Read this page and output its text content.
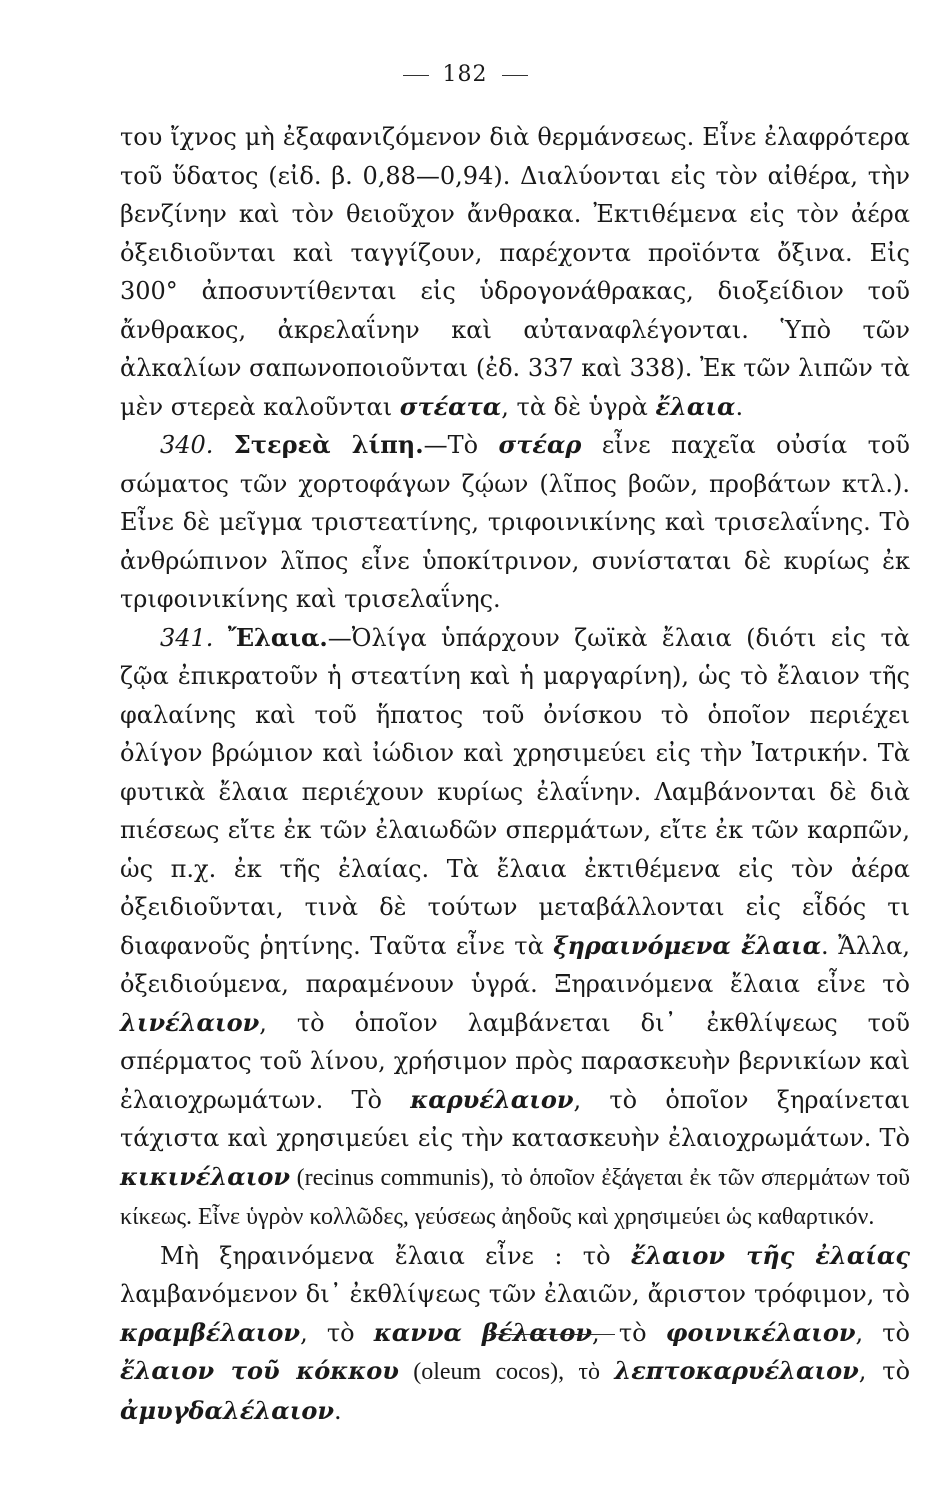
182

του ἴχνος μὴ ἐξαφανιζόμενον διὰ θερμάνσεως. Εἶνε ἐλαφρότερα τοῦ ὕδατος (εἰδ. β. 0,88—0,94). Διαλύονται εἰς τὸν αἰθέρα, τὴν βενζίνην καὶ τὸν θειοῦχον ἄνθρακα. Ἐκτιθέμενα εἰς τὸν ἀέρα ὀξειδιοῦνται καὶ ταγγίζουν, παρέχοντα προϊόντα ὄξινα. Εἰς 300° ἀποσυντίθενται εἰς ὑδρογονάθρακας, διοξείδιον τοῦ ἄνθρακος, ἀκρελαΐνην καὶ αὐταναφλέγονται. Ὑπὸ τῶν ἀλκαλίων σαπωνοποιοῦνται (ἐδ. 337 καὶ 338). Ἐκ τῶν λιπῶν τὰ μὲν στερεὰ καλοῦνται στέατα, τὰ δὲ ὑγρὰ ἔλαια.

340. Στερεὰ λίπη.—Τὸ στέαρ εἶνε παχεῖα οὐσία τοῦ σώματος τῶν χορτοφάγων ζῴων (λῖπος βοῶν, προβάτων κτλ.). Εἶνε δὲ μεῖγμα τριστεατίνης, τριφοινικίνης καὶ τρισελαΐνης. Τὸ ἀνθρώπινον λῖπος εἶνε ὑποκίτρινον, συνίσταται δὲ κυρίως ἐκ τριφοινικίνης καὶ τρισελαΐνης.

341. Ἔλαια.—Ὀλίγα ὑπάρχουν ζωϊκὰ ἔλαια (διότι εἰς τὰ ζῷα ἐπικρατοῦν ἡ στεατίνη καὶ ἡ μαργαρίνη), ὡς τὸ ἔλαιον τῆς φαλαίνης καὶ τοῦ ἥπατος τοῦ ὀνίσκου τὸ ὁποῖον περιέχει ὀλίγον βρώμιον καὶ ἰώδιον καὶ χρησιμεύει εἰς τὴν Ἰατρικήν. Τὰ φυτικὰ ἔλαια περιέχουν κυρίως ἐλαΐνην. Λαμβάνονται δὲ διὰ πιέσεως εἴτε ἐκ τῶν ἐλαιωδῶν σπερμάτων, εἴτε ἐκ τῶν καρπῶν, ὡς π.χ. ἐκ τῆς ἐλαίας. Τὰ ἔλαια ἐκτιθέμενα εἰς τὸν ἀέρα ὀξειδιοῦνται, τινὰ δὲ τούτων μεταβάλλονται εἰς εἶδός τι διαφανοῦς ῥητίνης. Ταῦτα εἶνε τὰ ξηραινόμενα ἔλαια. Ἄλλα, ὀξειδιούμενα, παραμένουν ὑγρά. Ξηραινόμενα ἔλαια εἶνε τὸ λινέλαιον, τὸ ὁποῖον λαμβάνεται δι᾽ ἐκθλίψεως τοῦ σπέρματος τοῦ λίνου, χρήσιμον πρὸς παρασκευὴν βερνικίων καὶ ἐλαιοχρωμάτων. Τὸ καρυέλαιον, τὸ ὁποῖον ξηραίνεται τάχιστα καὶ χρησιμεύει εἰς τὴν κατασκευὴν ἐλαιοχρωμάτων. Τὸ κικινέλαιον (recinus communis), τὸ ὁποῖον ἐξάγεται ἐκ τῶν σπερμάτων τοῦ κίκεως. Εἶνε ὑγρὸν κολλῶδες, γεύσεως ἀηδοῦς καὶ χρησιμεύει ὡς καθαρτικόν.

Μὴ ξηραινόμενα ἔλαια εἶνε : τὸ ἔλαιον τῆς ἐλαίας λαμβανόμενον δι᾽ ἐκθλίψεως τῶν ἐλαιῶν, ἄριστον τρόφιμον, τὸ κραμβέλαιον, τὸ καννα βέλαιον, τὸ φοινικέλαιον, τὸ ἔλαιον τοῦ κόκκου (oleum cocos), τὸ λεπτοκαρυέλαιον, τὸ ἀμυγδαλέλαιον.
